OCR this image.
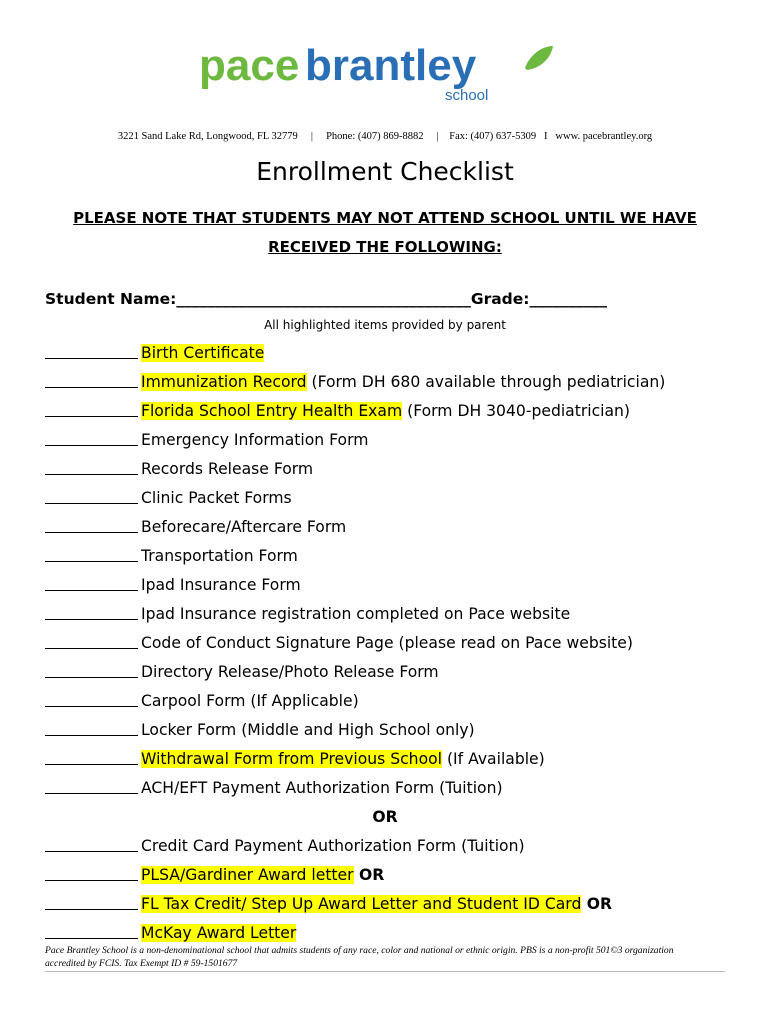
pace brantley
school
3221 Sand Lake Rd, Longwood, FL 32779 | Phone: (407) 869-8882 | Fax: (407) 637-5309 I www. pacebrantley.org
Enrollment Checklist
PLEASE NOTE THAT STUDENTS MAY NOT ATTEND SCHOOL UNTIL WE HAVE
RECEIVED THE FOLLOWING:
Student Name:______________________________________Grade:__________
All highlighted items provided by parent
Birth Certificate
Immunization Record (Form DH 680 available through pediatrician)
Florida School Entry Health Exam (Form DH 3040-pediatrician)
Emergency Information Form
Records Release Form
Clinic Packet Forms
Beforecare/Aftercare Form
Transportation Form
Ipad Insurance Form
Ipad Insurance registration completed on Pace website
Code of Conduct Signature Page (please read on Pace website)
Directory Release/Photo Release Form
Carpool Form (If Applicable)
Locker Form (Middle and High School only)
Withdrawal Form from Previous School (If Available)
ACH/EFT Payment Authorization Form (Tuition)
OR
Credit Card Payment Authorization Form (Tuition)
PLSA/Gardiner Award letter OR
FL Tax Credit/ Step Up Award Letter and Student ID Card OR
McKay Award Letter
Pace Brantley School is a non-denominational school that admits students of any race, color and national or ethnic origin. PBS is a non-profit 501©3 organization
accredited by FCIS. Tax Exempt ID # 59-1501677
